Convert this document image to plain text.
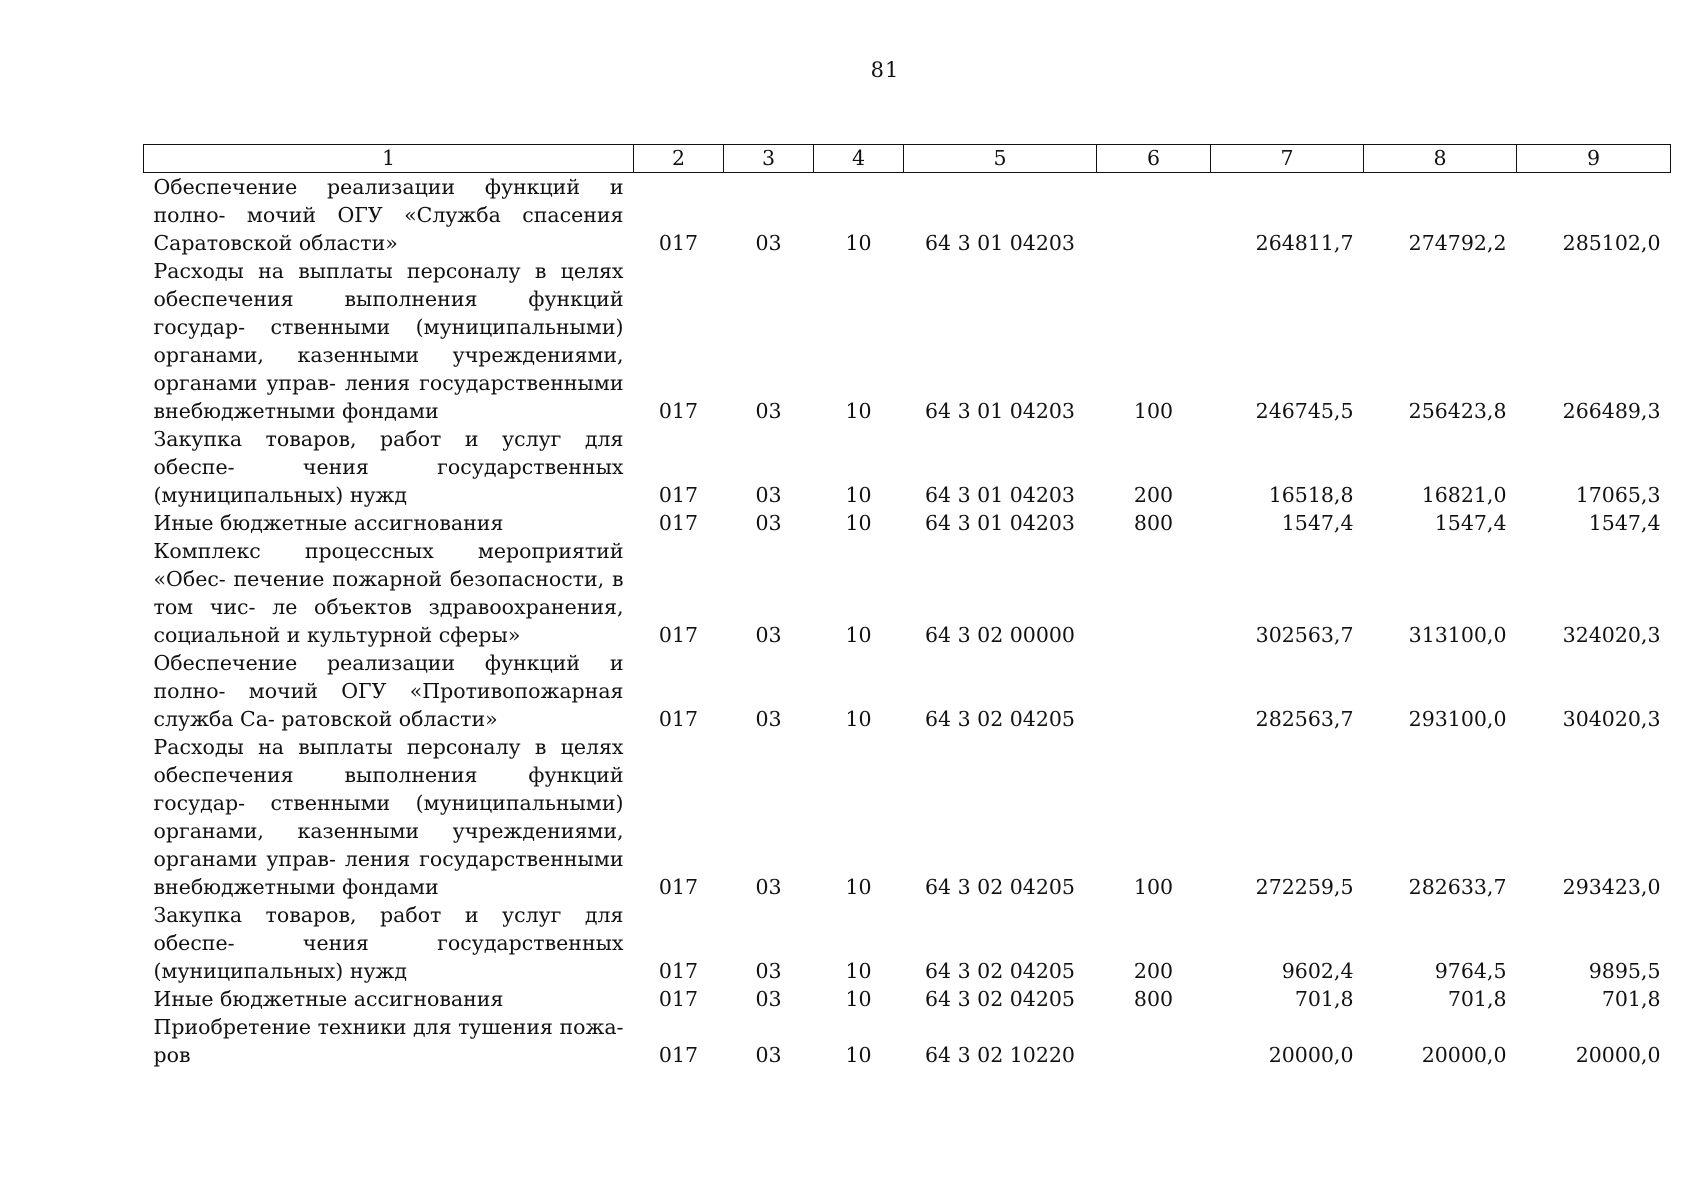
81
1	2	3	4	5	6	7	8	9
Обеспечение реализации функций и полно- мочий ОГУ «Служба спасения Саратовской области»	017	03	10	64 3 01 04203		264811,7	274792,2	285102,0
Расходы на выплаты персоналу в целях обеспечения выполнения функций государ- ственными (муниципальными) органами, казенными учреждениями, органами управ- ления государственными внебюджетными фондами	017	03	10	64 3 01 04203	100	246745,5	256423,8	266489,3
Закупка товаров, работ и услуг для обеспе- чения государственных (муниципальных) нужд	017	03	10	64 3 01 04203	200	16518,8	16821,0	17065,3
Иные бюджетные ассигнования	017	03	10	64 3 01 04203	800	1547,4	1547,4	1547,4
Комплекс процессных мероприятий «Обес- печение пожарной безопасности, в том чис- ле объектов здравоохранения, социальной и культурной сферы»	017	03	10	64 3 02 00000		302563,7	313100,0	324020,3
Обеспечение реализации функций и полно- мочий ОГУ «Противопожарная служба Са- ратовской области»	017	03	10	64 3 02 04205		282563,7	293100,0	304020,3
Расходы на выплаты персоналу в целях обеспечения выполнения функций государ- ственными (муниципальными) органами, казенными учреждениями, органами управ- ления государственными внебюджетными фондами	017	03	10	64 3 02 04205	100	272259,5	282633,7	293423,0
Закупка товаров, работ и услуг для обеспе- чения государственных (муниципальных) нужд	017	03	10	64 3 02 04205	200	9602,4	9764,5	9895,5
Иные бюджетные ассигнования	017	03	10	64 3 02 04205	800	701,8	701,8	701,8
Приобретение техники для тушения пожа- ров	017	03	10	64 3 02 10220		20000,0	20000,0	20000,0
